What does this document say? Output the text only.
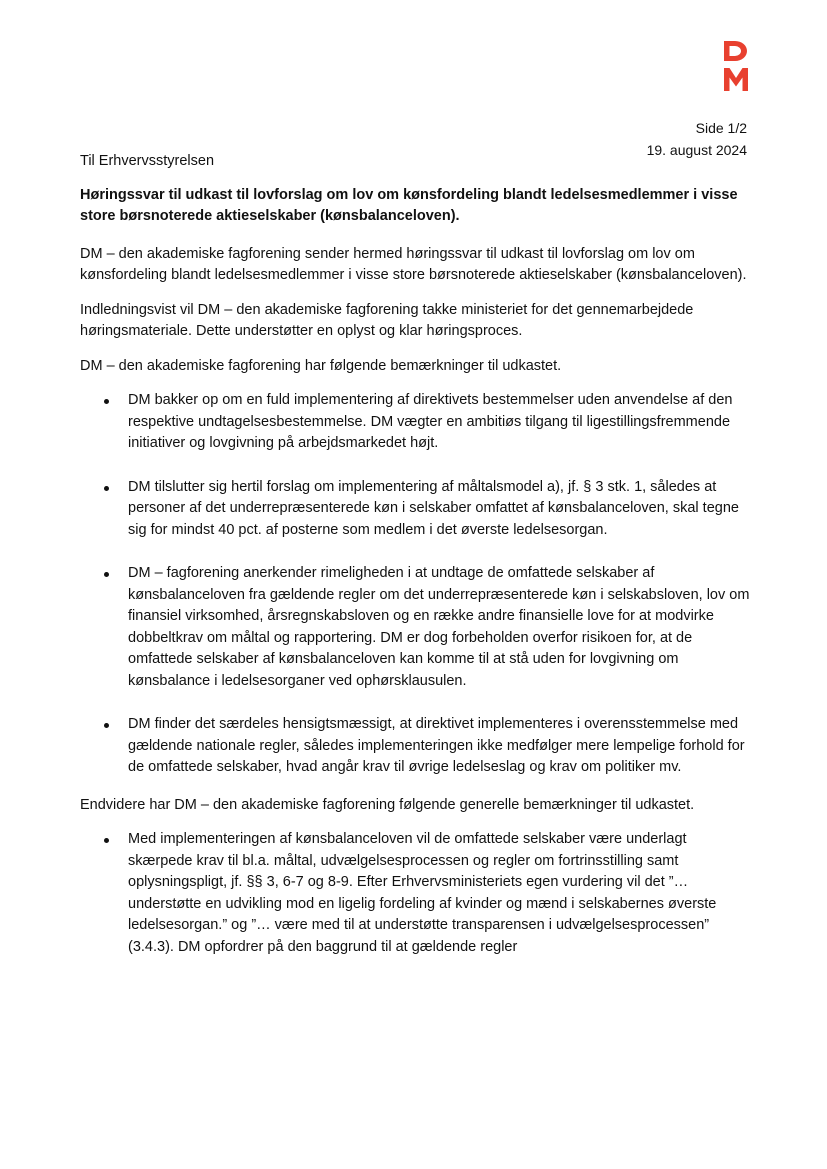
Side 1/2
19. august 2024

Til Erhvervsstyrelsen

Høringssvar til udkast til lovforslag om lov om kønsfordeling blandt ledelsesmedlemmer i visse store børsnoterede aktieselskaber (kønsbalanceloven).

DM – den akademiske fagforening sender hermed høringssvar til udkast til lovforslag om lov om kønsfordeling blandt ledelsesmedlemmer i visse store børsnoterede aktieselskaber (kønsbalanceloven).

Indledningsvist vil DM – den akademiske fagforening takke ministeriet for det gennemarbejdede høringsmateriale. Dette understøtter en oplyst og klar høringsproces.

DM – den akademiske fagforening har følgende bemærkninger til udkastet.

DM bakker op om en fuld implementering af direktivets bestemmelser uden anvendelse af den respektive undtagelsesbestemmelse. DM vægter en ambitiøs tilgang til ligestillingsfremmende initiativer og lovgivning på arbejdsmarkedet højt.
DM tilslutter sig hertil forslag om implementering af måltalsmodel a), jf. § 3 stk. 1, således at personer af det underrepræsenterede køn i selskaber omfattet af kønsbalanceloven, skal tegne sig for mindst 40 pct. af posterne som medlem i det øverste ledelsesorgan.
DM – fagforening anerkender rimeligheden i at undtage de omfattede selskaber af kønsbalanceloven fra gældende regler om det underrepræsenterede køn i selskabsloven, lov om finansiel virksomhed, årsregnskabsloven og en række andre finansielle love for at modvirke dobbeltkrav om måltal og rapportering. DM er dog forbeholden overfor risikoen for, at de omfattede selskaber af kønsbalanceloven kan komme til at stå uden for lovgivning om kønsbalance i ledelsesorganer ved ophørsklausulen.
DM finder det særdeles hensigtsmæssigt, at direktivet implementeres i overensstemmelse med gældende nationale regler, således implementeringen ikke medfølger mere lempelige forhold for de omfattede selskaber, hvad angår krav til øvrige ledelseslag og krav om politiker mv.

Endvidere har DM – den akademiske fagforening følgende generelle bemærkninger til udkastet.

Med implementeringen af kønsbalanceloven vil de omfattede selskaber være underlagt skærpede krav til bl.a. måltal, udvælgelsesprocessen og regler om fortrinsstilling samt oplysningspligt, jf. §§ 3, 6-7 og 8-9. Efter Erhvervsministeriets egen vurdering vil det ”… understøtte en udvikling mod en ligelig fordeling af kvinder og mænd i selskabernes øverste ledelsesorgan.” og ”… være med til at understøtte transparensen i udvælgelsesprocessen” (3.4.3). DM opfordrer på den baggrund til at gældende regler
